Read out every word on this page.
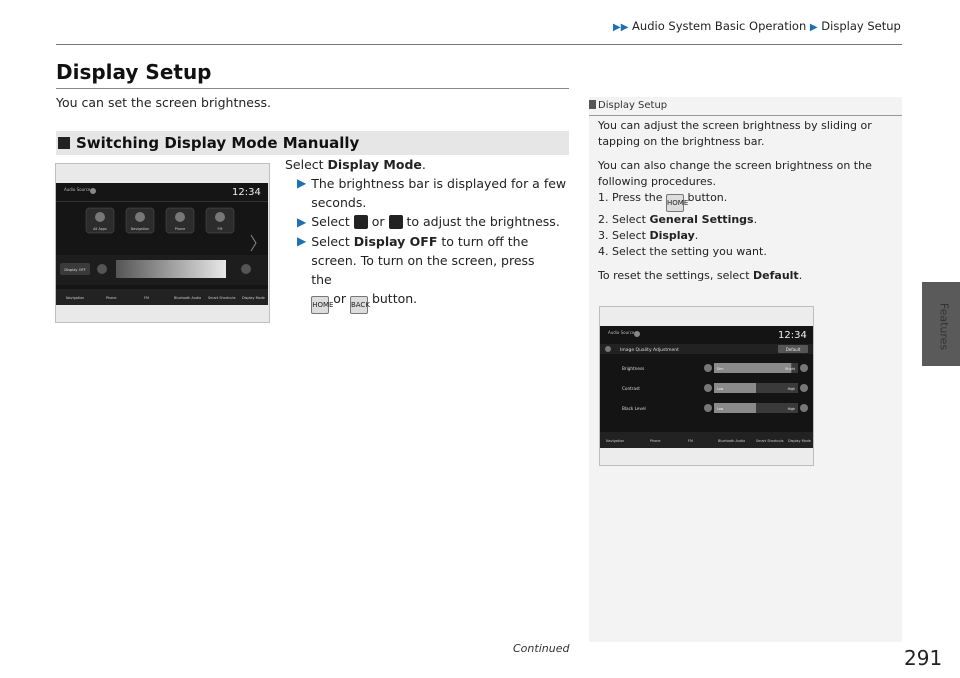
▶▶ Audio System Basic Operation ▶ Display Setup
Features
Display Setup
You can set the screen brightness.
Switching Display Mode Manually
Audio Source	12:34
All Apps	Navigation	Phone	FM
Display OFF
Navigation	Phone	FM	Bluetooth Audio Smart Shortcuts Display Mode
Select Display Mode.
▶ The brightness bar is displayed for a few seconds.
▶ Select  or  to adjust the brightness.
▶ Select Display OFF to turn off the screen. To turn on the screen, press the
HOME or BACK button.
Display Setup

You can adjust the screen brightness by sliding or tapping on the brightness bar.

You can also change the screen brightness on the following procedures.

1. Press the HOME button.
2. Select General Settings.
3. Select Display.
4. Select the setting you want.

To reset the settings, select Default.

Audio Source	12:34
Image Quality Adjustment	Default
Brightness	Dim	Bright
Contrast	Low	High
Black Level	Low	High
Navigation	Phone	FM	Bluetooth Audio	Smart Shortcuts Display Mode
Continued	291
